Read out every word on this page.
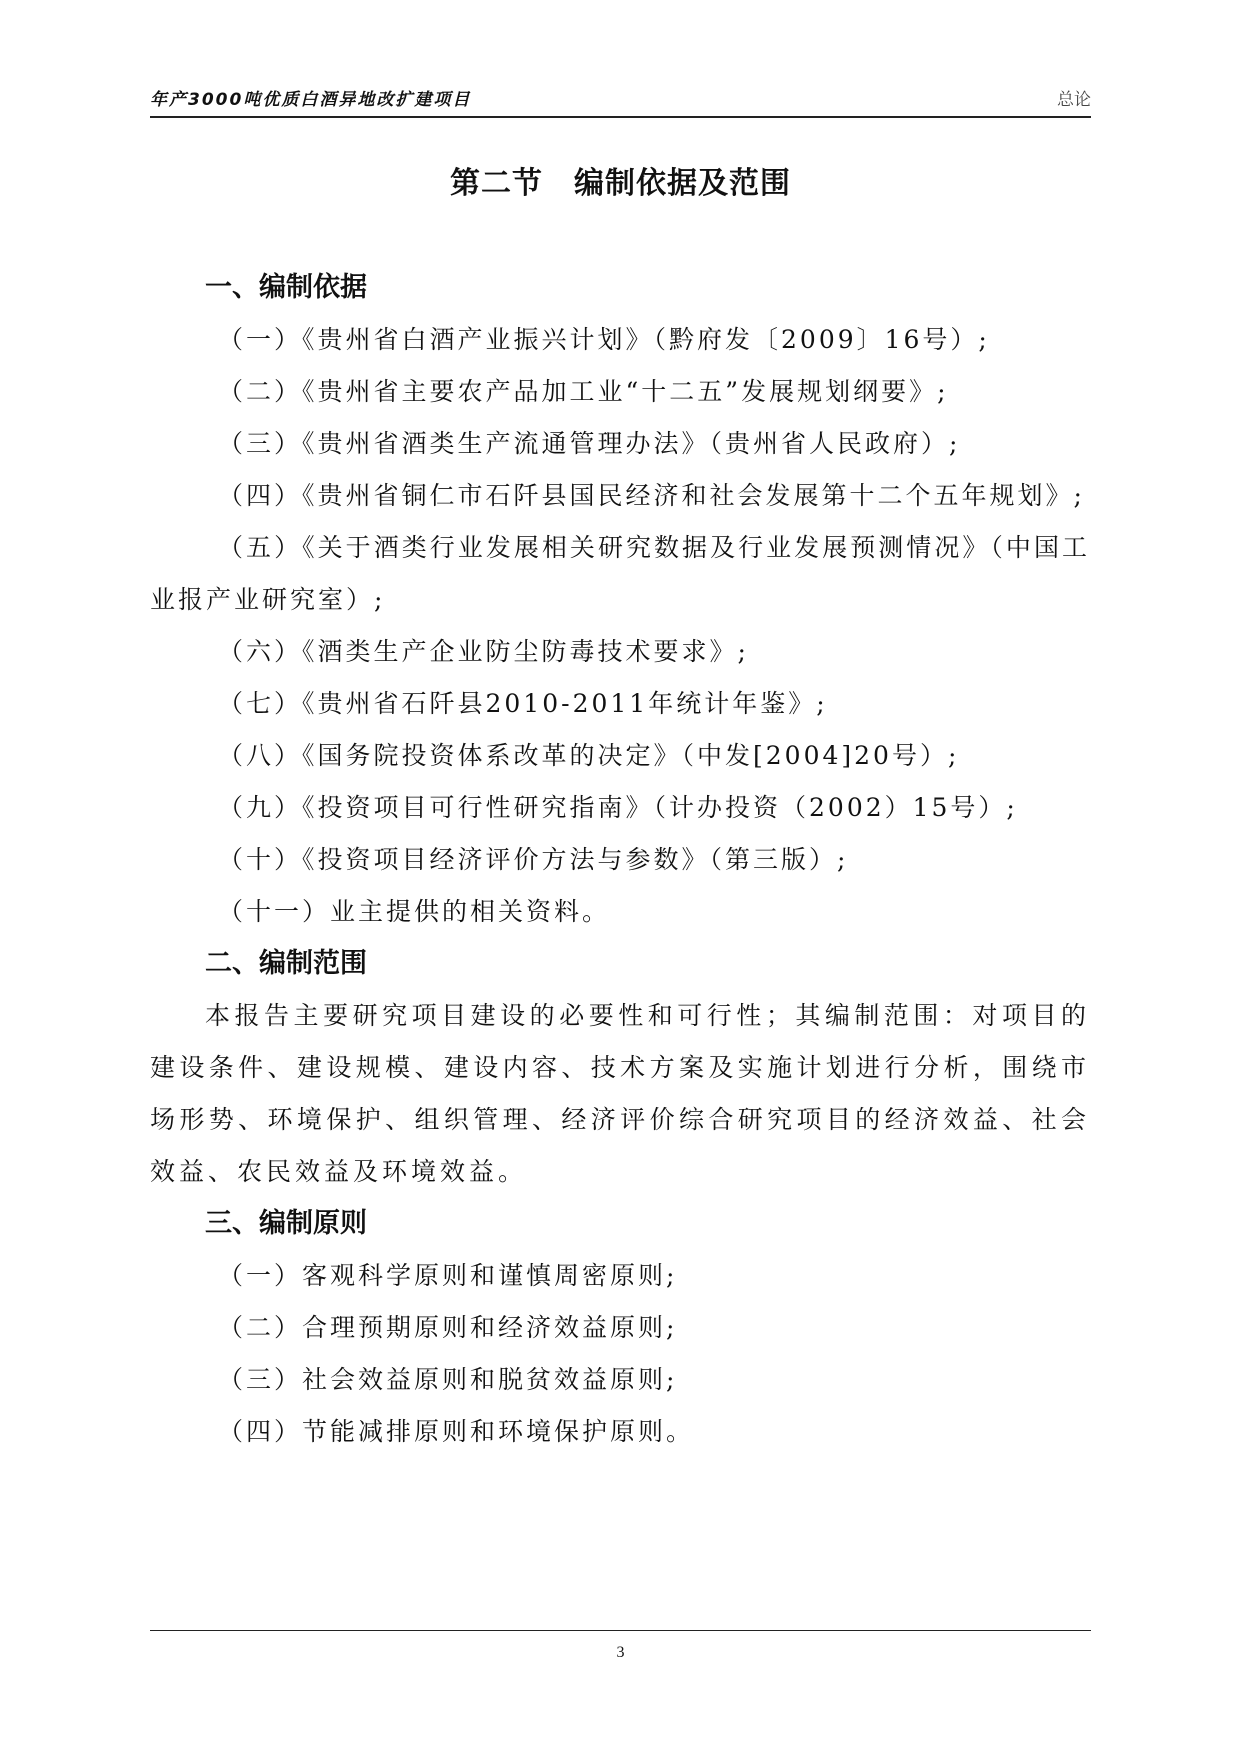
年产3000吨优质白酒异地改扩建项目	总论
第二节　编制依据及范围
一、编制依据
（一）《贵州省白酒产业振兴计划》（黔府发〔2009〕16号）;
（二）《贵州省主要农产品加工业“十二五”发展规划纲要》;
（三）《贵州省酒类生产流通管理办法》（贵州省人民政府）;
（四）《贵州省铜仁市石阡县国民经济和社会发展第十二个五年规划》;

（五）《关于酒类行业发展相关研究数据及行业发展预测情况》（中国工业报产业研究室）;

（六）《酒类生产企业防尘防毒技术要求》;
（七）《贵州省石阡县2010-2011年统计年鉴》;
（八）《国务院投资体系改革的决定》（中发[2004]20号）;
（九）《投资项目可行性研究指南》（计办投资（2002）15号）;
（十）《投资项目经济评价方法与参数》（第三版）;
（十一）业主提供的相关资料。
二、编制范围

本报告主要研究项目建设的必要性和可行性；其编制范围：对项目的建设条件、建设规模、建设内容、技术方案及实施计划进行分析，围绕市场形势、环境保护、组织管理、经济评价综合研究项目的经济效益、社会效益、农民效益及环境效益。

三、编制原则
（一）客观科学原则和谨慎周密原则;
（二）合理预期原则和经济效益原则;
（三）社会效益原则和脱贫效益原则;
（四）节能减排原则和环境保护原则。
3
